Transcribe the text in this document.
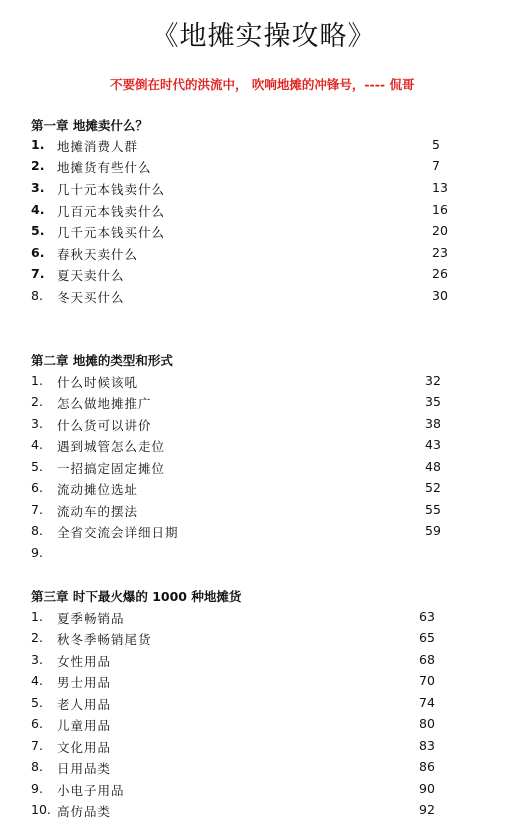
《地摊实操攻略》
不要倒在时代的洪流中， 吹响地摊的冲锋号，---- 侃哥
第一章 地摊卖什么？
1. 地摊消费人群	5
2. 地摊货有些什么	7
3. 几十元本钱卖什么	13
4. 几百元本钱卖什么	16
5. 几千元本钱买什么	20
6. 春秋天卖什么	23
7. 夏天卖什么	26
8. 冬天买什么	30
第二章 地摊的类型和形式
1. 什么时候该吼	32
2. 怎么做地摊推广	35
3. 什么货可以讲价	38
4. 遇到城管怎么走位	43
5. 一招搞定固定摊位	48
6. 流动摊位选址	52
7. 流动车的摆法	55
8. 全省交流会详细日期	59
9.
第三章 时下最火爆的 1000 种地摊货
1. 夏季畅销品	63
2. 秋冬季畅销尾货	65
3. 女性用品	68
4. 男士用品	70
5. 老人用品	74
6. 儿童用品	80
7. 文化用品	83
8. 日用品类	86
9. 小电子用品	90
10. 高仿品类	92
